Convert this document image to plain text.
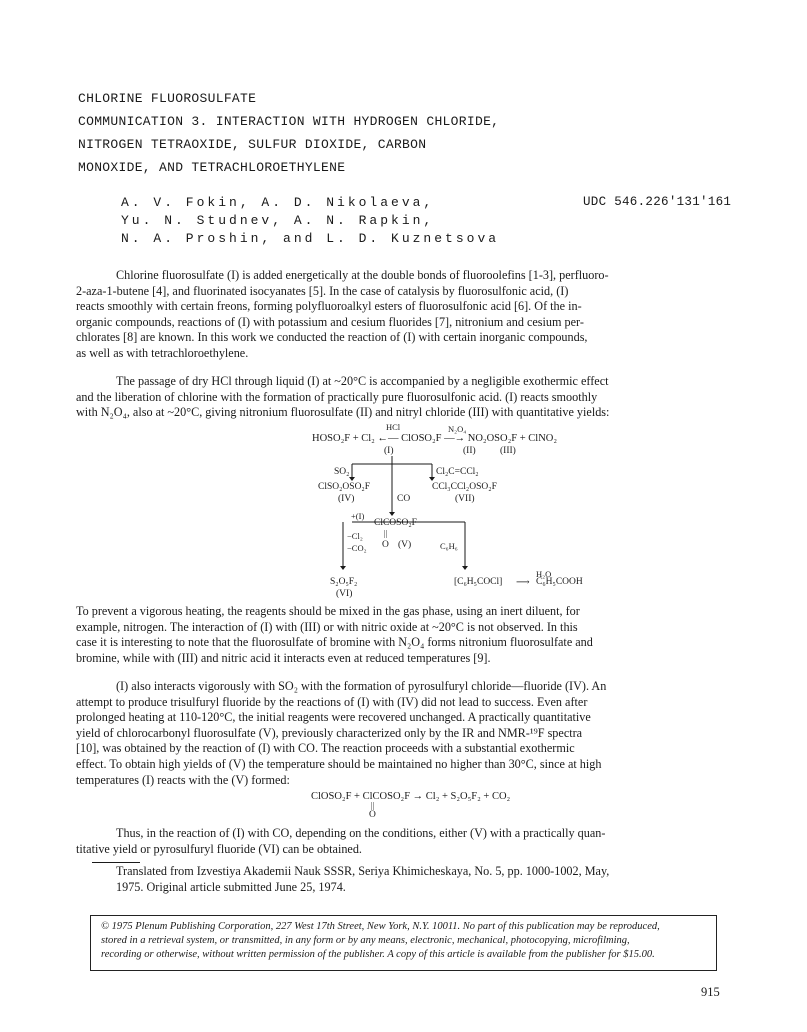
CHLORINE FLUOROSULFATE
COMMUNICATION 3. INTERACTION WITH HYDROGEN CHLORIDE,
NITROGEN TETRAOXIDE, SULFUR DIOXIDE, CARBON
MONOXIDE, AND TETRACHLOROETHYLENE
A. V. Fokin, A. D. Nikolaeva,
Yu. N. Studnev, A. N. Rapkin,
N. A. Proshin, and L. D. Kuznetsova
UDC 546.226'131'161
Chlorine fluorosulfate (I) is added energetically at the double bonds of fluoroolefins [1-3], perfluoro-
2-aza-1-butene [4], and fluorinated isocyanates [5]. In the case of catalysis by fluorosulfonic acid, (I)
reacts smoothly with certain freons, forming polyfluoroalkyl esters of fluorosulfonic acid [6]. Of the in-
organic compounds, reactions of (I) with potassium and cesium fluorides [7], nitronium and cesium per-
chlorates [8] are known. In this work we conducted the reaction of (I) with certain inorganic compounds,
as well as with tetrachloroethylene.
The passage of dry HCl through liquid (I) at ~20°C is accompanied by a negligible exothermic effect
and the liberation of chlorine with the formation of practically pure fluorosulfonic acid. (I) reacts smoothly
with N₂O₄, also at ~20°C, giving nitronium fluorosulfate (II) and nitryl chloride (III) with quantitative yields:
HCl	N₂O₄
HOSO₂F + Cl₂ ←— ClOSO₂F —→ NO₂OSO₂F + ClNO₂
(I)	(II)	(III)
SO₂	Cl₂C=CCl₂
ClSO₂OSO₂F
(IV)	CO
CCl₃CCl₂OSO₂F
(VII)
+(I)
ClCOSO₂F
||
−Cl₂
O (V)	C₆H₆
−CO₂
H₂O
S₂O₅F₂
(VI)
[C₆H₅COCl] ⟶ C₆H₅COOH
To prevent a vigorous heating, the reagents should be mixed in the gas phase, using an inert diluent, for
example, nitrogen. The interaction of (I) with (III) or with nitric oxide at ~20°C is not observed. In this
case it is interesting to note that the fluorosulfate of bromine with N₂O₄ forms nitronium fluorosulfate and
bromine, while with (III) and nitric acid it interacts even at reduced temperatures [9].
(I) also interacts vigorously with SO₂ with the formation of pyrosulfuryl chloride—fluoride (IV). An
attempt to produce trisulfuryl fluoride by the reactions of (I) with (IV) did not lead to success. Even after
prolonged heating at 110-120°C, the initial reagents were recovered unchanged. A practically quantitative
yield of chlorocarbonyl fluorosulfate (V), previously characterized only by the IR and NMR-¹⁹F spectra
[10], was obtained by the reaction of (I) with CO. The reaction proceeds with a substantial exothermic
effect. To obtain high yields of (V) the temperature should be maintained no higher than 30°C, since at high
temperatures (I) reacts with the (V) formed:
ClOSO₂F + ClCOSO₂F → Cl₂ + S₂O₅F₂ + CO₂
||
O
Thus, in the reaction of (I) with CO, depending on the conditions, either (V) with a practically quan-
titative yield or pyrosulfuryl fluoride (VI) can be obtained.
Translated from Izvestiya Akademii Nauk SSSR, Seriya Khimicheskaya, No. 5, pp. 1000-1002, May,
1975. Original article submitted June 25, 1974.
© 1975 Plenum Publishing Corporation, 227 West 17th Street, New York, N.Y. 10011. No part of this publication may be reproduced,
stored in a retrieval system, or transmitted, in any form or by any means, electronic, mechanical, photocopying, microfilming,
recording or otherwise, without written permission of the publisher. A copy of this article is available from the publisher for $15.00.
915
